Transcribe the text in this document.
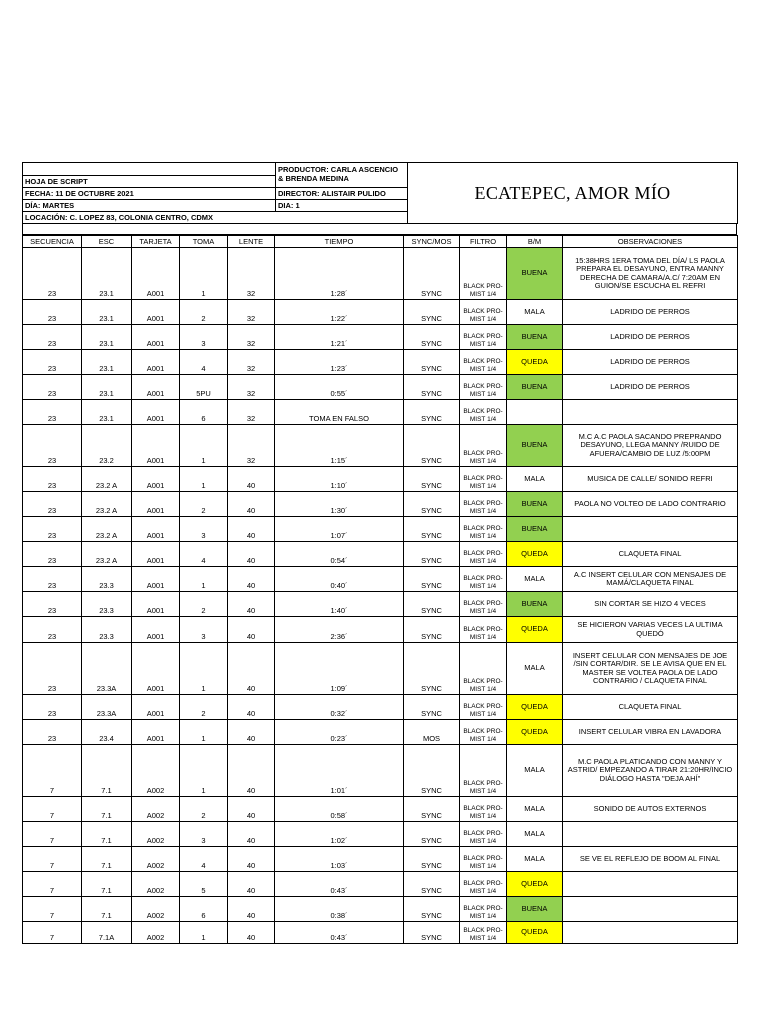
	PRODUCTOR: CARLA ASCENCIO & BRENDA MEDINA	ECATEPEC, AMOR MÍO
HOJA DE SCRIPT		
FECHA: 11 DE OCTUBRE 2021	DIRECTOR: ALISTAIR PULIDO	
DÍA: MARTES	DIA: 1	
LOCACIÓN: C. LOPEZ 83, COLONIA CENTRO, CDMX		
SECUENCIA	ESC	TARJETA	TOMA	LENTE	TIEMPO	SYNC/MOS	FILTRO	B/M	OBSERVACIONES
23	23.1	A001	1	32	1:28´	SYNC	BLACK PRO-MIST 1/4	BUENA	15:38HRS 1ERA TOMA DEL DÍA/ LS PAOLA PREPARA EL DESAYUNO, ENTRA MANNY DERECHA DE CAMARA/A.C/ 7:20AM EN GUION/SE ESCUCHA EL REFRI
23	23.1	A001	2	32	1:22´	SYNC	BLACK PRO-MIST 1/4	MALA	LADRIDO DE PERROS
23	23.1	A001	3	32	1:21´	SYNC	BLACK PRO-MIST 1/4	BUENA	LADRIDO DE PERROS
23	23.1	A001	4	32	1:23´	SYNC	BLACK PRO-MIST 1/4	QUEDA	LADRIDO DE PERROS
23	23.1	A001	5PU	32	0:55´	SYNC	BLACK PRO-MIST 1/4	BUENA	LADRIDO DE PERROS
23	23.1	A001	6	32	TOMA EN FALSO	SYNC	BLACK PRO-MIST 1/4		
23	23.2	A001	1	32	1:15´	SYNC	BLACK PRO-MIST 1/4	BUENA	M.C A.C PAOLA SACANDO PREPRANDO DESAYUNO, LLEGA MANNY /RUIDO DE AFUERA/CAMBIO DE LUZ /5:00PM
23	23.2 A	A001	1	40	1:10´	SYNC	BLACK PRO-MIST 1/4	MALA	MUSICA DE CALLE/ SONIDO REFRI
23	23.2 A	A001	2	40	1:30´	SYNC	BLACK PRO-MIST 1/4	BUENA	PAOLA NO VOLTEO DE LADO CONTRARIO
23	23.2 A	A001	3	40	1:07´	SYNC	BLACK PRO-MIST 1/4	BUENA	
23	23.2 A	A001	4	40	0:54´	SYNC	BLACK PRO-MIST 1/4	QUEDA	CLAQUETA FINAL
23	23.3	A001	1	40	0:40´	SYNC	BLACK PRO-MIST 1/4	MALA	A.C INSERT CELULAR CON MENSAJES DE MAMÁ/CLAQUETA FINAL
23	23.3	A001	2	40	1:40´	SYNC	BLACK PRO-MIST 1/4	BUENA	SIN CORTAR SE HIZO 4 VECES
23	23.3	A001	3	40	2:36´	SYNC	BLACK PRO-MIST 1/4	QUEDA	SE HICIERON VARIAS VECES LA ULTIMA QUEDÓ
23	23.3A	A001	1	40	1:09´	SYNC	BLACK PRO-MIST 1/4	MALA	INSERT CELULAR CON MENSAJES DE JOE /SIN CORTAR/DIR. SE LE AVISA QUE EN EL MASTER SE VOLTEA PAOLA DE LADO CONTRARIO / CLAQUETA FINAL
23	23.3A	A001	2	40	0:32´	SYNC	BLACK PRO-MIST 1/4	QUEDA	CLAQUETA FINAL
23	23.4	A001	1	40	0:23´	MOS	BLACK PRO-MIST 1/4	QUEDA	INSERT CELULAR VIBRA EN LAVADORA
7	7.1	A002	1	40	1:01´	SYNC	BLACK PRO-MIST 1/4	MALA	M.C PAOLA PLATICANDO CON MANNY Y ASTRID/ EMPEZANDO A TIRAR 21:20HR/INCIO DIÁLOGO HASTA "DEJA AHÍ"
7	7.1	A002	2	40	0:58´	SYNC	BLACK PRO-MIST 1/4	MALA	SONIDO DE AUTOS EXTERNOS
7	7.1	A002	3	40	1:02´	SYNC	BLACK PRO-MIST 1/4	MALA	
7	7.1	A002	4	40	1:03´	SYNC	BLACK PRO-MIST 1/4	MALA	SE VE EL REFLEJO DE BOOM AL FINAL
7	7.1	A002	5	40	0:43´	SYNC	BLACK PRO-MIST 1/4	QUEDA	
7	7.1	A002	6	40	0:38´	SYNC	BLACK PRO-MIST 1/4	BUENA	
7	7.1A	A002	1	40	0:43´	SYNC	BLACK PRO-MIST 1/4	QUEDA	
